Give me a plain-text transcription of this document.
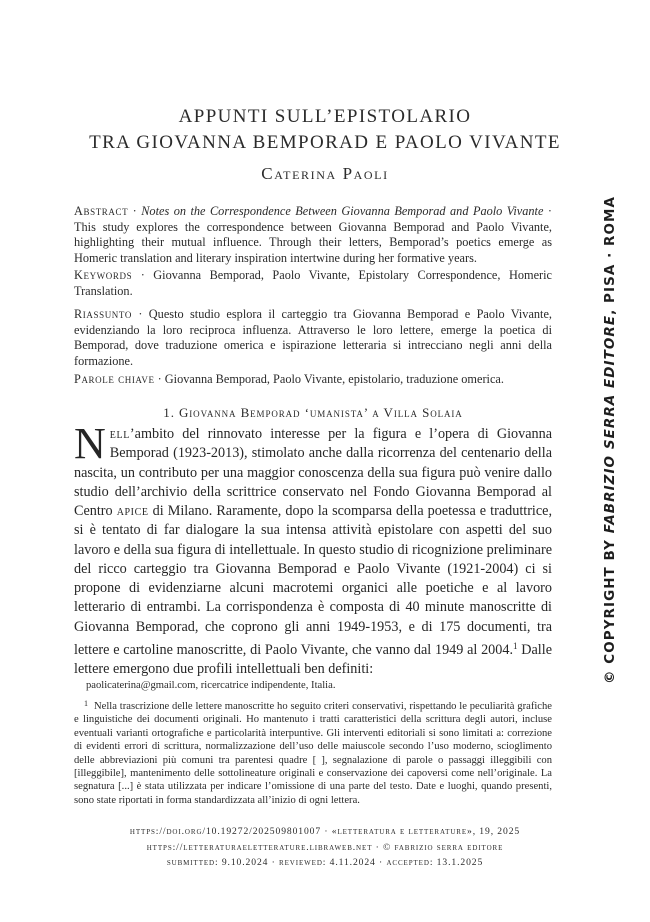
APPUNTI SULL’EPISTOLARIO
TRA GIOVANNA BEMPORAD E PAOLO VIVANTE
Caterina Paoli
Abstract · Notes on the Correspondence Between Giovanna Bemporad and Paolo Vivante · This study explores the correspondence between Giovanna Bemporad and Paolo Vivante, highlighting their mutual influence. Through their letters, Bemporad’s poetics emerge as Homeric translation and literary inspiration intertwine during her formative years.
Keywords · Giovanna Bemporad, Paolo Vivante, Epistolary Correspondence, Homeric Translation.
Riassunto · Questo studio esplora il carteggio tra Giovanna Bemporad e Paolo Vivante, evidenziando la loro reciproca influenza. Attraverso le loro lettere, emerge la poetica di Bemporad, dove traduzione omerica e ispirazione letteraria si intrecciano negli anni della formazione.
Parole chiave · Giovanna Bemporad, Paolo Vivante, epistolario, traduzione omerica.
1. Giovanna Bemporad ‘umanista’ a Villa Solaia
Nell’ambito del rinnovato interesse per la figura e l’opera di Giovanna Bemporad (1923-2013), stimolato anche dalla ricorrenza del centenario della nascita, un contributo per una maggior conoscenza della sua figura può venire dallo studio dell’archivio della scrittrice conservato nel Fondo Giovanna Bemporad al Centro apice di Milano. Raramente, dopo la scomparsa della poetessa e traduttrice, si è tentato di far dialogare la sua intensa attività epistolare con aspetti del suo lavoro e della sua figura di intellettuale. In questo studio di ricognizione preliminare del ricco carteggio tra Giovanna Bemporad e Paolo Vivante (1921-2004) ci si propone di evidenziarne alcuni macrotemi organici alle poetiche e al lavoro letterario di entrambi. La corrispondenza è composta di 40 minute manoscritte di Giovanna Bemporad, che coprono gli anni 1949-1953, e di 175 documenti, tra lettere e cartoline manoscritte, di Paolo Vivante, che vanno dal 1949 al 2004.$^1$ Dalle lettere emergono due profili intellettuali ben definiti:
paolicaterina@gmail.com, ricercatrice indipendente, Italia.
$^1$ Nella trascrizione delle lettere manoscritte ho seguito criteri conservativi, rispettando le peculiarità grafiche e linguistiche dei documenti originali. Ho mantenuto i tratti caratteristici della scrittura degli autori, incluse eventuali varianti ortografiche e particolarità interpuntive. Gli interventi editoriali si sono limitati a: correzione di evidenti errori di scrittura, normalizzazione dell’uso delle maiuscole secondo l’uso moderno, scioglimento delle abbreviazioni più comuni tra parentesi quadre [ ], segnalazione di parole o passaggi illeggibili con [illeggibile], mantenimento delle sottolineature originali e conservazione dei capoversi come nell’originale. La segnatura [...] è stata utilizzata per indicare l’omissione di una parte del testo. Date e luoghi, quando presenti, sono state riportati in forma standardizzata all’inizio di ogni lettera.
https://doi.org/10.19272/202509801007 · «letteratura e letterature», 19, 2025
https://letteraturaeletterature.libraweb.net · © fabrizio serra editore
submitted: 9.10.2024 · reviewed: 4.11.2024 · accepted: 13.1.2025
© COPYRIGHT BY FABRIZIO SERRA EDITORE, PISA · ROMA
